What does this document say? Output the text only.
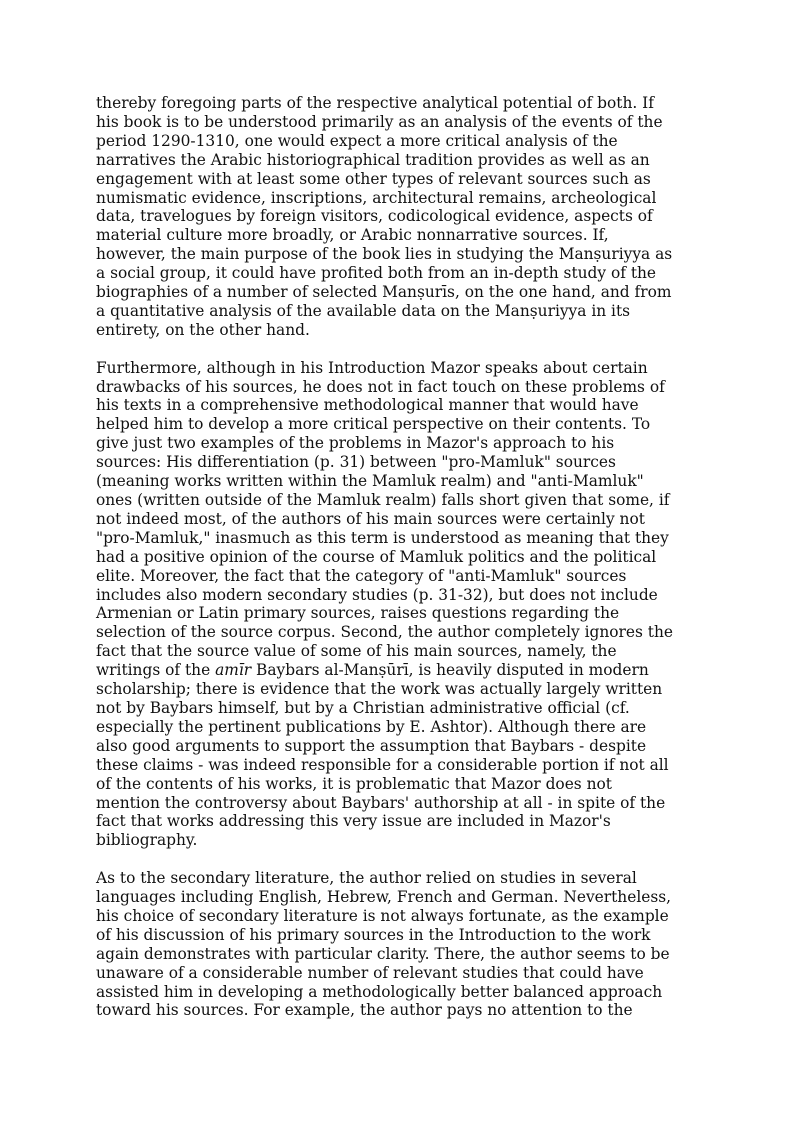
thereby foregoing parts of the respective analytical potential of both. If
his book is to be understood primarily as an analysis of the events of the
period 1290-1310, one would expect a more critical analysis of the
narratives the Arabic historiographical tradition provides as well as an
engagement with at least some other types of relevant sources such as
numismatic evidence, inscriptions, architectural remains, archeological
data, travelogues by foreign visitors, codicological evidence, aspects of
material culture more broadly, or Arabic nonnarrative sources. If,
however, the main purpose of the book lies in studying the Manṣuriyya as
a social group, it could have profited both from an in-depth study of the
biographies of a number of selected Manṣurīs, on the one hand, and from
a quantitative analysis of the available data on the Manṣuriyya in its
entirety, on the other hand.

Furthermore, although in his Introduction Mazor speaks about certain
drawbacks of his sources, he does not in fact touch on these problems of
his texts in a comprehensive methodological manner that would have
helped him to develop a more critical perspective on their contents. To
give just two examples of the problems in Mazor's approach to his
sources: His differentiation (p. 31) between "pro-Mamluk" sources
(meaning works written within the Mamluk realm) and "anti-Mamluk"
ones (written outside of the Mamluk realm) falls short given that some, if
not indeed most, of the authors of his main sources were certainly not
"pro-Mamluk," inasmuch as this term is understood as meaning that they
had a positive opinion of the course of Mamluk politics and the political
elite. Moreover, the fact that the category of "anti-Mamluk" sources
includes also modern secondary studies (p. 31-32), but does not include
Armenian or Latin primary sources, raises questions regarding the
selection of the source corpus. Second, the author completely ignores the
fact that the source value of some of his main sources, namely, the
writings of the amīr Baybars al-Manṣūrī, is heavily disputed in modern
scholarship; there is evidence that the work was actually largely written
not by Baybars himself, but by a Christian administrative official (cf.
especially the pertinent publications by E. Ashtor). Although there are
also good arguments to support the assumption that Baybars - despite
these claims - was indeed responsible for a considerable portion if not all
of the contents of his works, it is problematic that Mazor does not
mention the controversy about Baybars' authorship at all - in spite of the
fact that works addressing this very issue are included in Mazor's
bibliography.

As to the secondary literature, the author relied on studies in several
languages including English, Hebrew, French and German. Nevertheless,
his choice of secondary literature is not always fortunate, as the example
of his discussion of his primary sources in the Introduction to the work
again demonstrates with particular clarity. There, the author seems to be
unaware of a considerable number of relevant studies that could have
assisted him in developing a methodologically better balanced approach
toward his sources. For example, the author pays no attention to the
